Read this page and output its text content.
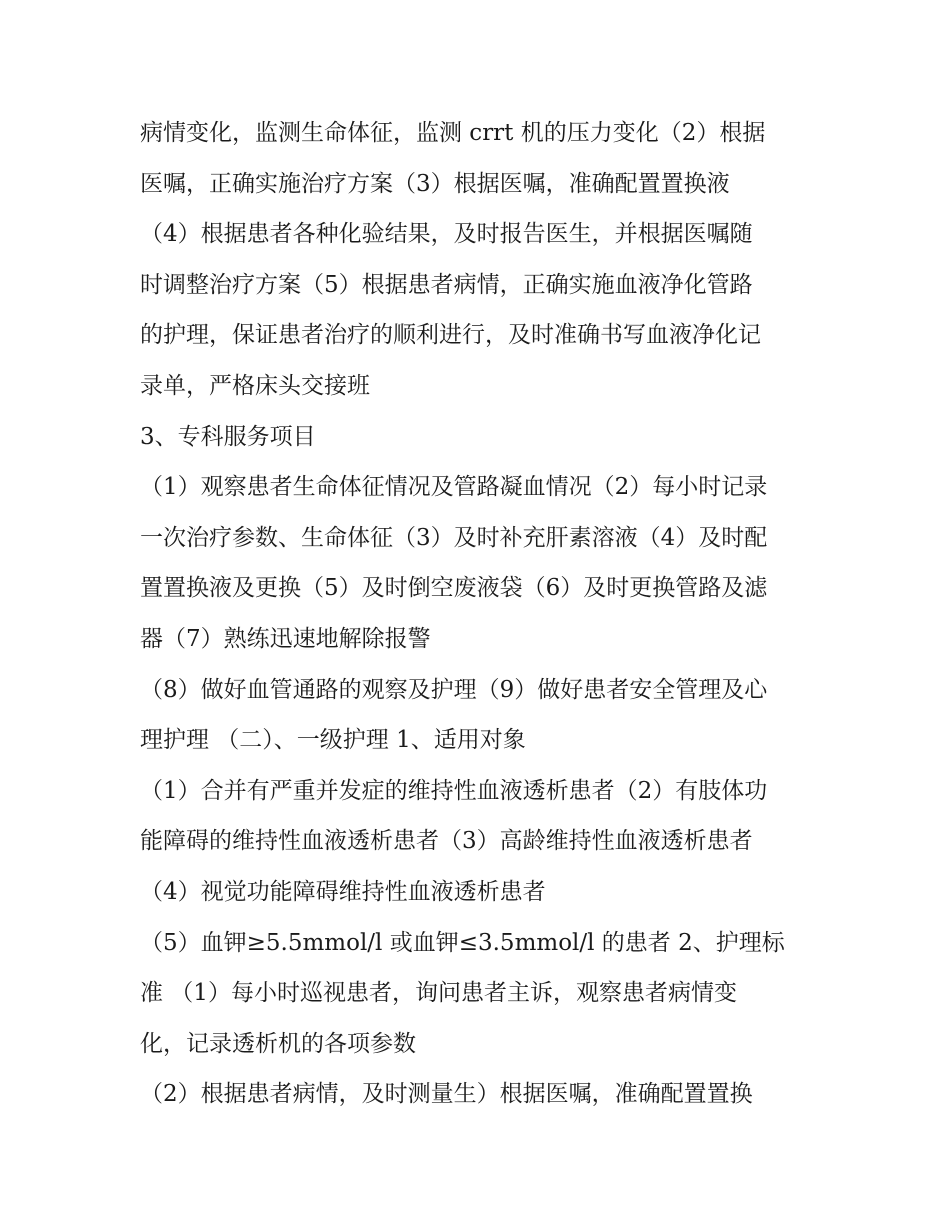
病情变化，监测生命体征，监测 crrt 机的压力变化（2）根据
医嘱，正确实施治疗方案（3）根据医嘱，准确配置置换液
（4）根据患者各种化验结果，及时报告医生，并根据医嘱随
时调整治疗方案（5）根据患者病情，正确实施血液净化管路
的护理，保证患者治疗的顺利进行，及时准确书写血液净化记
录单，严格床头交接班
3、专科服务项目
（1）观察患者生命体征情况及管路凝血情况（2）每小时记录
一次治疗参数、生命体征（3）及时补充肝素溶液（4）及时配
置置换液及更换（5）及时倒空废液袋（6）及时更换管路及滤
器（7）熟练迅速地解除报警
（8）做好血管通路的观察及护理（9）做好患者安全管理及心
理护理 （二）、一级护理 1、适用对象
（1）合并有严重并发症的维持性血液透析患者（2）有肢体功
能障碍的维持性血液透析患者（3）高龄维持性血液透析患者
（4）视觉功能障碍维持性血液透析患者
（5）血钾≥5.5mmol/l 或血钾≤3.5mmol/l 的患者 2、护理标
准 （1）每小时巡视患者，询问患者主诉，观察患者病情变
化，记录透析机的各项参数
（2）根据患者病情，及时测量生）根据医嘱，准确配置置换
